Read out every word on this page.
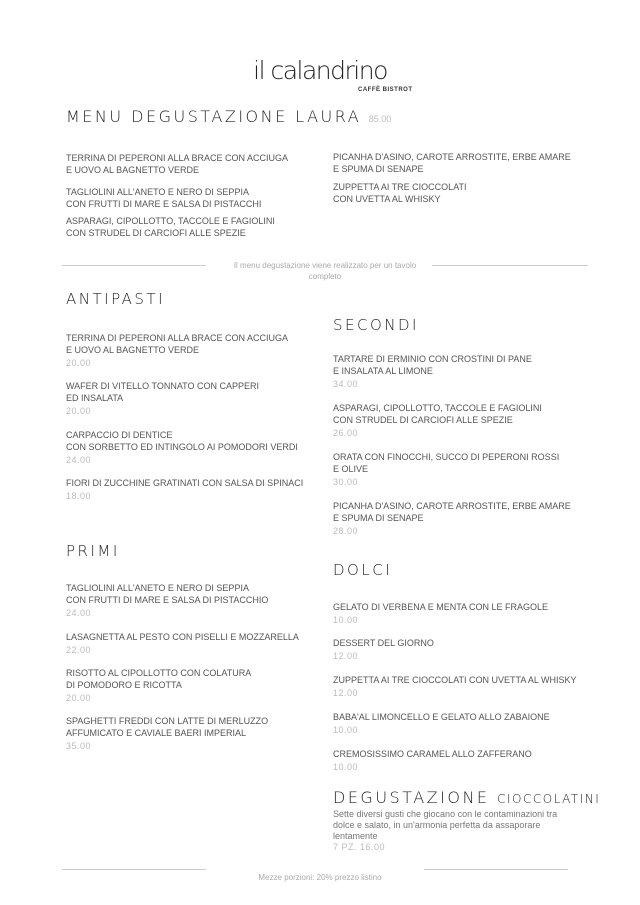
il calandrino
CAFFÈ BISTROT
MENU DEGUSTAZIONE LAURA 85.00
TERRINA DI PEPERONI ALLA BRACE CON ACCIUGA
E UOVO AL BAGNETTO VERDE
TAGLIOLINI ALL'ANETO E NERO DI SEPPIA
CON FRUTTI DI MARE E SALSA DI PISTACCHI
ASPARAGI, CIPOLLOTTO, TACCOLE E FAGIOLINI
CON STRUDEL DI CARCIOFI ALLE SPEZIE
PICANHA D'ASINO, CAROTE ARROSTITE, ERBE AMARE
E SPUMA DI SENAPE
ZUPPETTA AI TRE CIOCCOLATI
CON UVETTA AL WHISKY
Il menu degustazione viene realizzato per un tavolo completo
ANTIPASTI
TERRINA DI PEPERONI ALLA BRACE CON ACCIUGA
E UOVO AL BAGNETTO VERDE
20.00
WAFER DI VITELLO TONNATO CON CAPPERI
ED INSALATA
20.00
CARPACCIO DI DENTICE
CON SORBETTO ED INTINGOLO AI POMODORI VERDI
24.00
FIORI DI ZUCCHINE GRATINATI CON SALSA DI SPINACI
18.00
PRIMI
TAGLIOLINI ALL'ANETO E NERO DI SEPPIA
CON FRUTTI DI MARE E SALSA DI PISTACCHIO
24.00
LASAGNETTA AL PESTO CON PISELLI E MOZZARELLA
22.00
RISOTTO AL CIPOLLOTTO CON COLATURA
DI POMODORO E RICOTTA
20.00
SPAGHETTI FREDDI CON LATTE DI MERLUZZO
AFFUMICATO E CAVIALE BAERI IMPERIAL
35.00
SECONDI
TARTARE DI ERMINIO CON CROSTINI DI PANE
E INSALATA AL LIMONE
34.00
ASPARAGI, CIPOLLOTTO, TACCOLE E FAGIOLINI
CON STRUDEL DI CARCIOFI ALLE SPEZIE
26.00
ORATA CON FINOCCHI, SUCCO DI PEPERONI ROSSI
E OLIVE
30.00
PICANHA D'ASINO, CAROTE ARROSTITE, ERBE AMARE
E SPUMA DI SENAPE
28.00
DOLCI
GELATO DI VERBENA E MENTA CON LE FRAGOLE
10.00
DESSERT DEL GIORNO
12.00
ZUPPETTA AI TRE CIOCCOLATI CON UVETTA AL WHISKY
12.00
BABA'AL LIMONCELLO E GELATO ALLO ZABAIONE
10.00
CREMOSISSIMO CARAMEL ALLO ZAFFERANO
10.00
DEGUSTAZIONE CIOCCOLATINI
Sette diversi gusti che giocano con le contaminazioni tra dolce e salato, in un'armonia perfetta da assaporare lentamente
7 PZ. 16.00
Mezze porzioni: 20% prezzo listino
